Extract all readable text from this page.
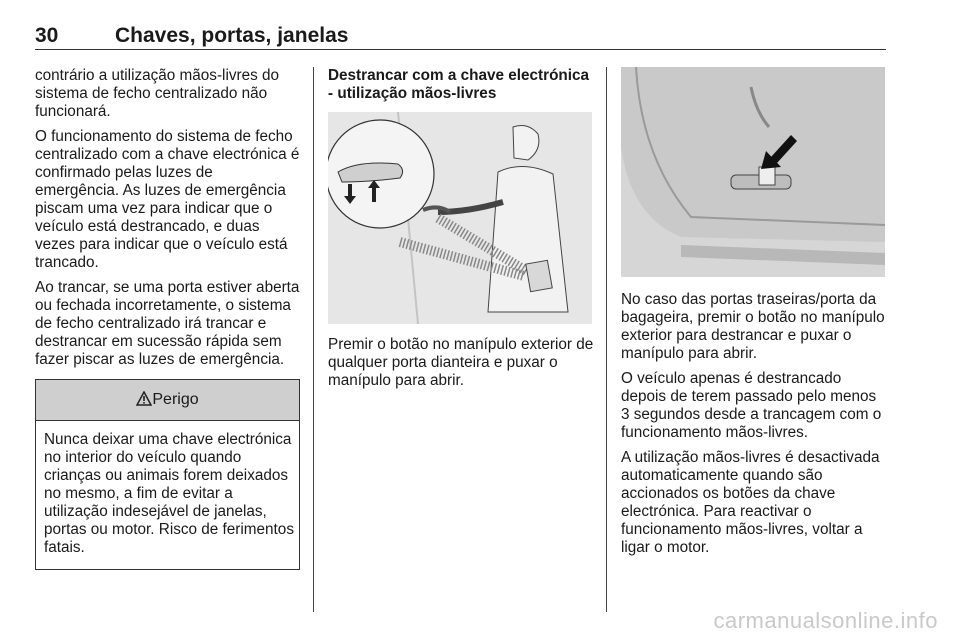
30	Chaves, portas, janelas

contrário a utilização mãos-livres do sistema de fecho centralizado não funcionará.

O funcionamento do sistema de fecho centralizado com a chave electrónica é confirmado pelas luzes de emergência. As luzes de emergência piscam uma vez para indicar que o veículo está destrancado, e duas vezes para indicar que o veículo está trancado.

Ao trancar, se uma porta estiver aberta ou fechada incorretamente, o sistema de fecho centralizado irá trancar e destrancar em sucessão rápida sem fazer piscar as luzes de emergência.

Perigo
Nunca deixar uma chave electrónica no interior do veículo quando crianças ou animais forem deixados no mesmo, a fim de evitar a utilização indesejável de janelas, portas ou motor. Risco de ferimentos fatais.

Destrancar com a chave electrónica - utilização mãos-livres

Premir o botão no manípulo exterior de qualquer porta dianteira e puxar o manípulo para abrir.

No caso das portas traseiras/porta da bagageira, premir o botão no manípulo exterior para destrancar e puxar o manípulo para abrir.

O veículo apenas é destrancado depois de terem passado pelo menos 3 segundos desde a trancagem com o funcionamento mãos-livres.

A utilização mãos-livres é desactivada automaticamente quando são accionados os botões da chave electrónica. Para reactivar o funcionamento mãos-livres, voltar a ligar o motor.

carmanualsonline.info
